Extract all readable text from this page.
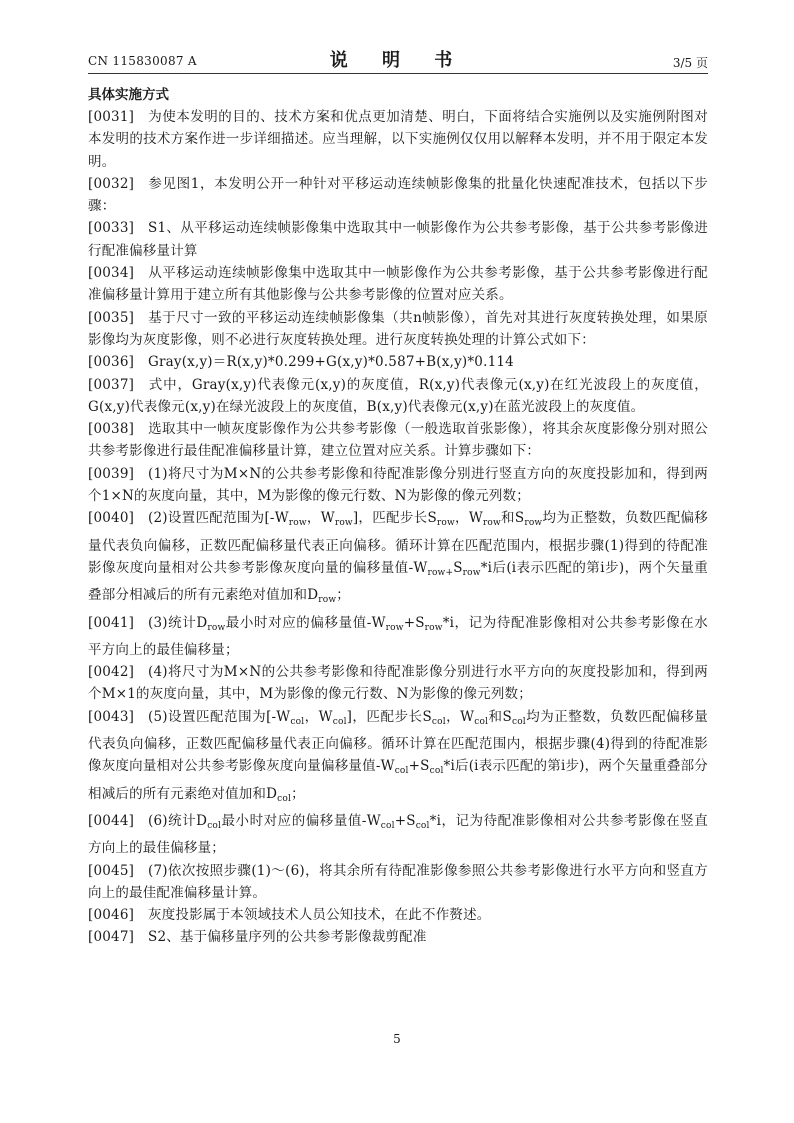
CN 115830087 A	说 明 书	3/5 页
具体实施方式
[0031] 为使本发明的目的、技术方案和优点更加清楚、明白，下面将结合实施例以及实施例附图对本发明的技术方案作进一步详细描述。应当理解，以下实施例仅仅用以解释本发明，并不用于限定本发明。
[0032] 参见图1，本发明公开一种针对平移运动连续帧影像集的批量化快速配准技术，包括以下步骤：
[0033] S1、从平移运动连续帧影像集中选取其中一帧影像作为公共参考影像，基于公共参考影像进行配准偏移量计算
[0034] 从平移运动连续帧影像集中选取其中一帧影像作为公共参考影像，基于公共参考影像进行配准偏移量计算用于建立所有其他影像与公共参考影像的位置对应关系。
[0035] 基于尺寸一致的平移运动连续帧影像集（共n帧影像），首先对其进行灰度转换处理，如果原影像均为灰度影像，则不必进行灰度转换处理。进行灰度转换处理的计算公式如下：
[0036] Gray(x,y)＝R(x,y)*0.299+G(x,y)*0.587+B(x,y)*0.114
[0037] 式中，Gray(x,y)代表像元(x,y)的灰度值，R(x,y)代表像元(x,y)在红光波段上的灰度值，G(x,y)代表像元(x,y)在绿光波段上的灰度值，B(x,y)代表像元(x,y)在蓝光波段上的灰度值。
[0038] 选取其中一帧灰度影像作为公共参考影像（一般选取首张影像），将其余灰度影像分别对照公共参考影像进行最佳配准偏移量计算，建立位置对应关系。计算步骤如下：
[0039] (1)将尺寸为M×N的公共参考影像和待配准影像分别进行竖直方向的灰度投影加和，得到两个1×N的灰度向量，其中，M为影像的像元行数、N为影像的像元列数；
[0040] (2)设置匹配范围为[$-W_{row}$，$W_{row}$]，匹配步长$S_{row}$，$W_{row}$和$S_{row}$均为正整数，负数匹配偏移量代表负向偏移，正数匹配偏移量代表正向偏移。循环计算在匹配范围内，根据步骤(1)得到的待配准影像灰度向量相对公共参考影像灰度向量的偏移量值$-W_{row+}S_{row}*i$后(i表示匹配的第i步)，两个矢量重叠部分相减后的所有元素绝对值加和$D_{row}$；
[0041] (3)统计$D_{row}$最小时对应的偏移量值$-W_{row}+S_{row}*i$，记为待配准影像相对公共参考影像在水平方向上的最佳偏移量；
[0042] (4)将尺寸为M×N的公共参考影像和待配准影像分别进行水平方向的灰度投影加和，得到两个M×1的灰度向量，其中，M为影像的像元行数、N为影像的像元列数；
[0043] (5)设置匹配范围为[$-W_{col}$，$W_{col}$]，匹配步长$S_{col}$，$W_{col}$和$S_{col}$均为正整数，负数匹配偏移量代表负向偏移，正数匹配偏移量代表正向偏移。循环计算在匹配范围内，根据步骤(4)得到的待配准影像灰度向量相对公共参考影像灰度向量偏移量值$-W_{col}+S_{col}*i$后(i表示匹配的第i步)，两个矢量重叠部分相减后的所有元素绝对值加和$D_{col}$；
[0044] (6)统计$D_{col}$最小时对应的偏移量值$-W_{col}+S_{col}*i$，记为待配准影像相对公共参考影像在竖直方向上的最佳偏移量；
[0045] (7)依次按照步骤(1)～(6)，将其余所有待配准影像参照公共参考影像进行水平方向和竖直方向上的最佳配准偏移量计算。
[0046] 灰度投影属于本领域技术人员公知技术，在此不作赘述。
[0047] S2、基于偏移量序列的公共参考影像裁剪配准
5
